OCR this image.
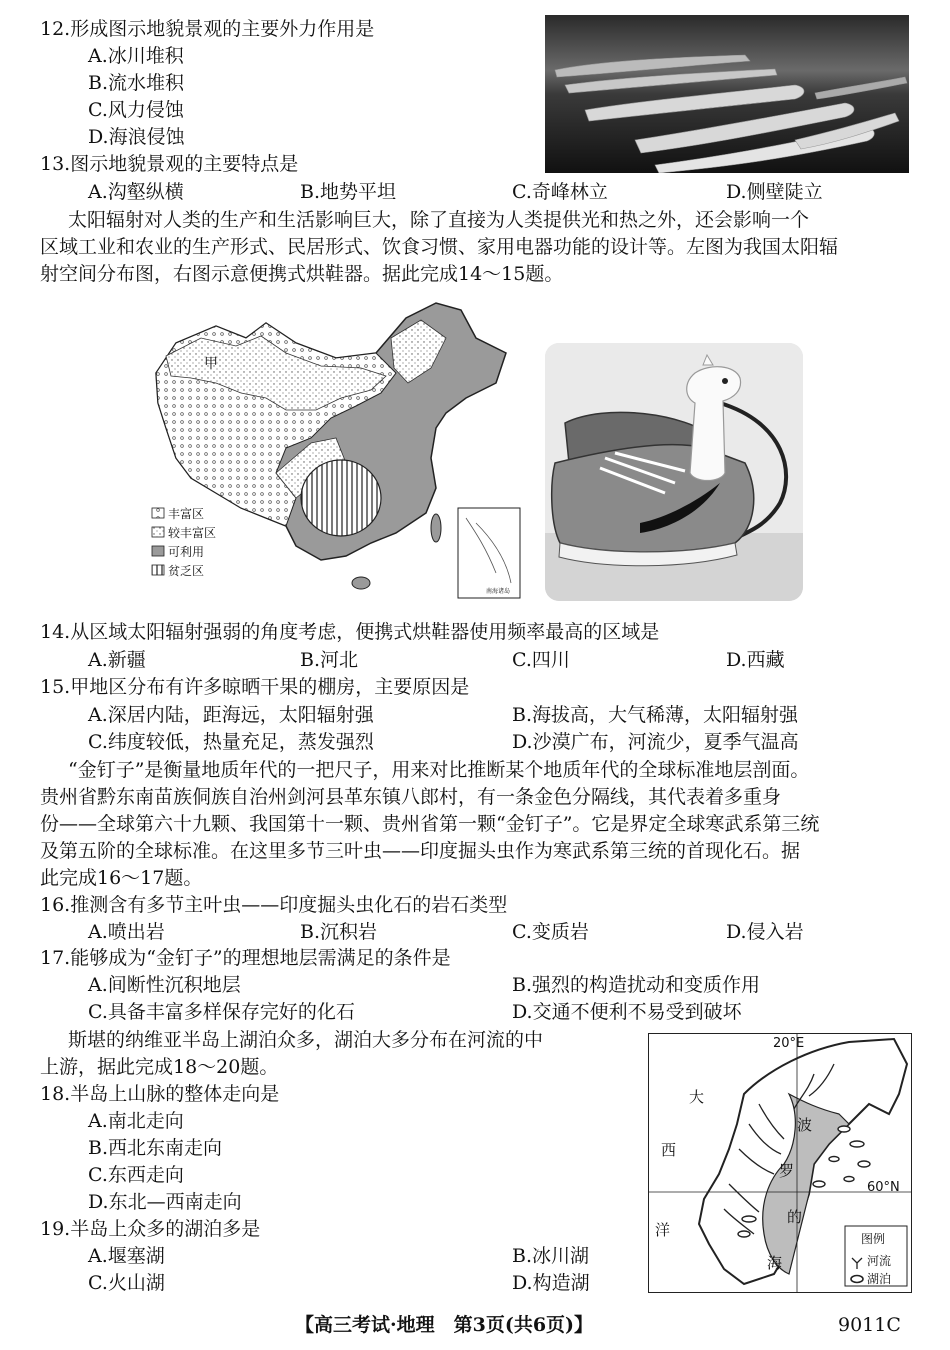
12.形成图示地貌景观的主要外力作用是
A.冰川堆积
B.流水堆积
C.风力侵蚀
D.海浪侵蚀
13.图示地貌景观的主要特点是
A.沟壑纵横	B.地势平坦	C.奇峰林立	D.侧壁陡立
太阳辐射对人类的生产和生活影响巨大，除了直接为人类提供光和热之外，还会影响一个
区域工业和农业的生产形式、民居形式、饮食习惯、家用电器功能的设计等。左图为我国太阳辐
射空间分布图，右图示意便携式烘鞋器。据此完成14～15题。
甲
丰富区
较丰富区
可利用
贫乏区
南海诸岛
14.从区域太阳辐射强弱的角度考虑，便携式烘鞋器使用频率最高的区域是
A.新疆	B.河北	C.四川	D.西藏
15.甲地区分布有许多晾晒干果的棚房，主要原因是
A.深居内陆，距海远，太阳辐射强	B.海拔高，大气稀薄，太阳辐射强
C.纬度较低，热量充足，蒸发强烈	D.沙漠广布，河流少，夏季气温高
“金钉子”是衡量地质年代的一把尺子，用来对比推断某个地质年代的全球标准地层剖面。
贵州省黔东南苗族侗族自治州剑河县革东镇八郎村，有一条金色分隔线，其代表着多重身
份——全球第六十九颗、我国第十一颗、贵州省第一颗“金钉子”。它是界定全球寒武系第三统
及第五阶的全球标准。在这里多节三叶虫——印度掘头虫作为寒武系第三统的首现化石。据
此完成16～17题。
16.推测含有多节主叶虫——印度掘头虫化石的岩石类型
A.喷出岩	B.沉积岩	C.变质岩	D.侵入岩
17.能够成为“金钉子”的理想地层需满足的条件是
A.间断性沉积地层	B.强烈的构造扰动和变质作用
C.具备丰富多样保存完好的化石	D.交通不便利不易受到破坏
斯堪的纳维亚半岛上湖泊众多，湖泊大多分布在河流的中
上游，据此完成18～20题。
18.半岛上山脉的整体走向是
A.南北走向
B.西北东南走向
C.东西走向
D.东北—西南走向
19.半岛上众多的湖泊多是
A.堰塞湖	B.冰川湖
C.火山湖	D.构造湖
20°E
60°N
大
西
洋
波
罗
的
海
图例
河流
湖泊
【高三考试·地理　第3页(共6页)】	9011C
